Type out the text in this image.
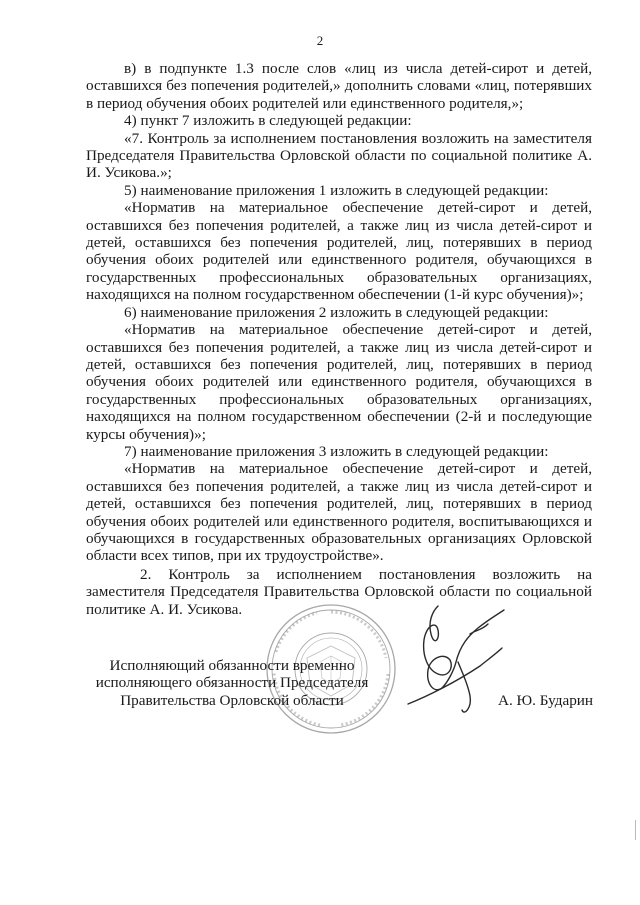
2

в) в подпункте 1.3 после слов «лиц из числа детей-сирот и детей, оставшихся без попечения родителей,» дополнить словами «лиц, потерявших в период обучения обоих родителей или единственного родителя,»;

4) пункт 7 изложить в следующей редакции:

«7. Контроль за исполнением постановления возложить на заместителя Председателя Правительства Орловской области по социальной политике А. И. Усикова.»;

5) наименование приложения 1 изложить в следующей редакции:

«Норматив на материальное обеспечение детей-сирот и детей, оставшихся без попечения родителей, а также лиц из числа детей-сирот и детей, оставшихся без попечения родителей, лиц, потерявших в период обучения обоих родителей или единственного родителя, обучающихся в государственных профессиональных образовательных организациях, находящихся на полном государственном обеспечении (1-й курс обучения)»;

6) наименование приложения 2 изложить в следующей редакции:

«Норматив на материальное обеспечение детей-сирот и детей, оставшихся без попечения родителей, а также лиц из числа детей-сирот и детей, оставшихся без попечения родителей, лиц, потерявших в период обучения обоих родителей или единственного родителя, обучающихся в государственных профессиональных образовательных организациях, находящихся на полном государственном обеспечении (2-й и последующие курсы обучения)»;

7) наименование приложения 3 изложить в следующей редакции:

«Норматив на материальное обеспечение детей-сирот и детей, оставшихся без попечения родителей, а также лиц из числа детей-сирот и детей, оставшихся без попечения родителей, лиц, потерявших в период обучения обоих родителей или единственного родителя, воспитывающихся и обучающихся в государственных образовательных организациях Орловской области всех типов, при их трудоустройстве».

2. Контроль за исполнением постановления возложить на заместителя Председателя Правительства Орловской области по социальной политике А. И. Усикова.

Исполняющий обязанности временно
исполняющего обязанности Председателя
Правительства Орловской области	А. Ю. Бударин
